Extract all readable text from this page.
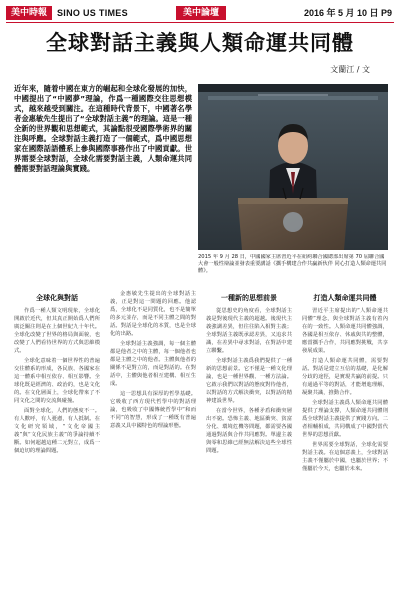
美中時報	SINO US TIMES	美中論壇	2016 年 5 月 10 日 P9
全球對話主義與人類命運共同體
文蘭江 / 文
近年來，隨着中國在東方的崛起和全球化發展的加快，中國提出了“中國夢”理論，作爲一種國際交往思想模式，越來越受到關注。在這種時代背景下，中國著名學者金惠敏先生提出了“全球對話主義”的理論。這是一種全新的世界觀和思想範式，其論點很受國際學術界的關注與呼應。全球對話主義打造了一個範式，爲中國思想家在國際話語體系上參與國際事務作出了中國貢獻。世界需要全球對話，全球化需要對話主義，人類命運共同體需要對話理論與實踐。
2015 年 9 月 28 日，中國國家主席習近平在紐約聯合國總部出席第 70 屆聯合國大會一般性辯論並發表重要講話《攜手構建合作共贏新伙伴 同心打造人類命運共同體》。
全球化與對話

作爲一種人類文明現象，全球化開啟於近代，但其真正開始爲人們所廣泛關注則是在上個世紀九十年代。全球化改變了世界的格局與面貌，也改變了人們看待世界的方式與思維模式。

全球化意味着一個世界性的普遍交往體系的形成，各民族、各國家在這一體系中相互依存、相互影響。全球化既是經濟的、政治的，也是文化的。在文化層面上，全球化帶來了不同文化之間的交流與碰撞。

面對全球化，人們的態度不一。有人歡呼，有人憂慮，有人抵制。在文化研究領域，“文化帝國主義”與“文化民族主義”的爭論持續不斷。如何超越這種二元對立，成爲一個迫切的理論問題。

金惠敏先生提出的全球對話主義，正是對這一問題的回應。他認爲，全球化不是同質化，也不是簡單的多元並存，而是不同主體之間的對話。對話是全球化的本質，也是全球化的出路。

全球對話主義強調，每一個主體都是他者之中的主體，每一個他者也都是主體之中的他者。主體與他者的關係不是對立的，而是對話的。在對話中，主體與他者相互建構、相互生成。

這一思想具有深厚的哲學基礎。它吸收了西方現代哲學中的對話理論，也吸收了中國傳統哲學中“和而不同”的智慧，形成了一種既有普遍意義又具中國特色的理論形態。

一種新的思想前景

從思想史的角度看，全球對話主義是對後現代主義的超越。後現代主義強調差異，但往往陷入相對主義；全球對話主義既承認差異，又追求共識，在差異中尋求對話，在對話中建立聯繫。

全球對話主義爲我們提供了一種新的思想前景。它不僅是一種文化理論，也是一種世界觀、一種方法論。它啟示我們以對話的態度對待他者，以對話的方式解決衝突，以對話的精神建設世界。

在當今世界，各種矛盾和衝突層出不窮。恐怖主義、地區衝突、貧富分化、環境危機等問題，都需要各國通過對話與合作共同應對。單邊主義與零和思維已經無法解決這些全球性問題。

打造人類命運共同體

習近平主席提出的“人類命運共同體”理念，與全球對話主義有着內在的一致性。人類命運共同體強調，各國是相互依存、休戚與共的整體，應當攜手合作，共同應對挑戰，共享發展成果。

打造人類命運共同體，需要對話。對話是建立互信的基礎，是化解分歧的途徑，是實現共贏的前提。只有通過平等的對話，才能增進理解，凝聚共識，推動合作。

全球對話主義爲人類命運共同體提供了理論支撐，人類命運共同體則爲全球對話主義提供了實踐方向。二者相輔相成，共同構成了中國對當代世界的思想貢獻。

世界需要全球對話，全球化需要對話主義。在這個意義上，全球對話主義不僅屬於中國，也屬於世界；不僅屬於今天，也屬於未來。
